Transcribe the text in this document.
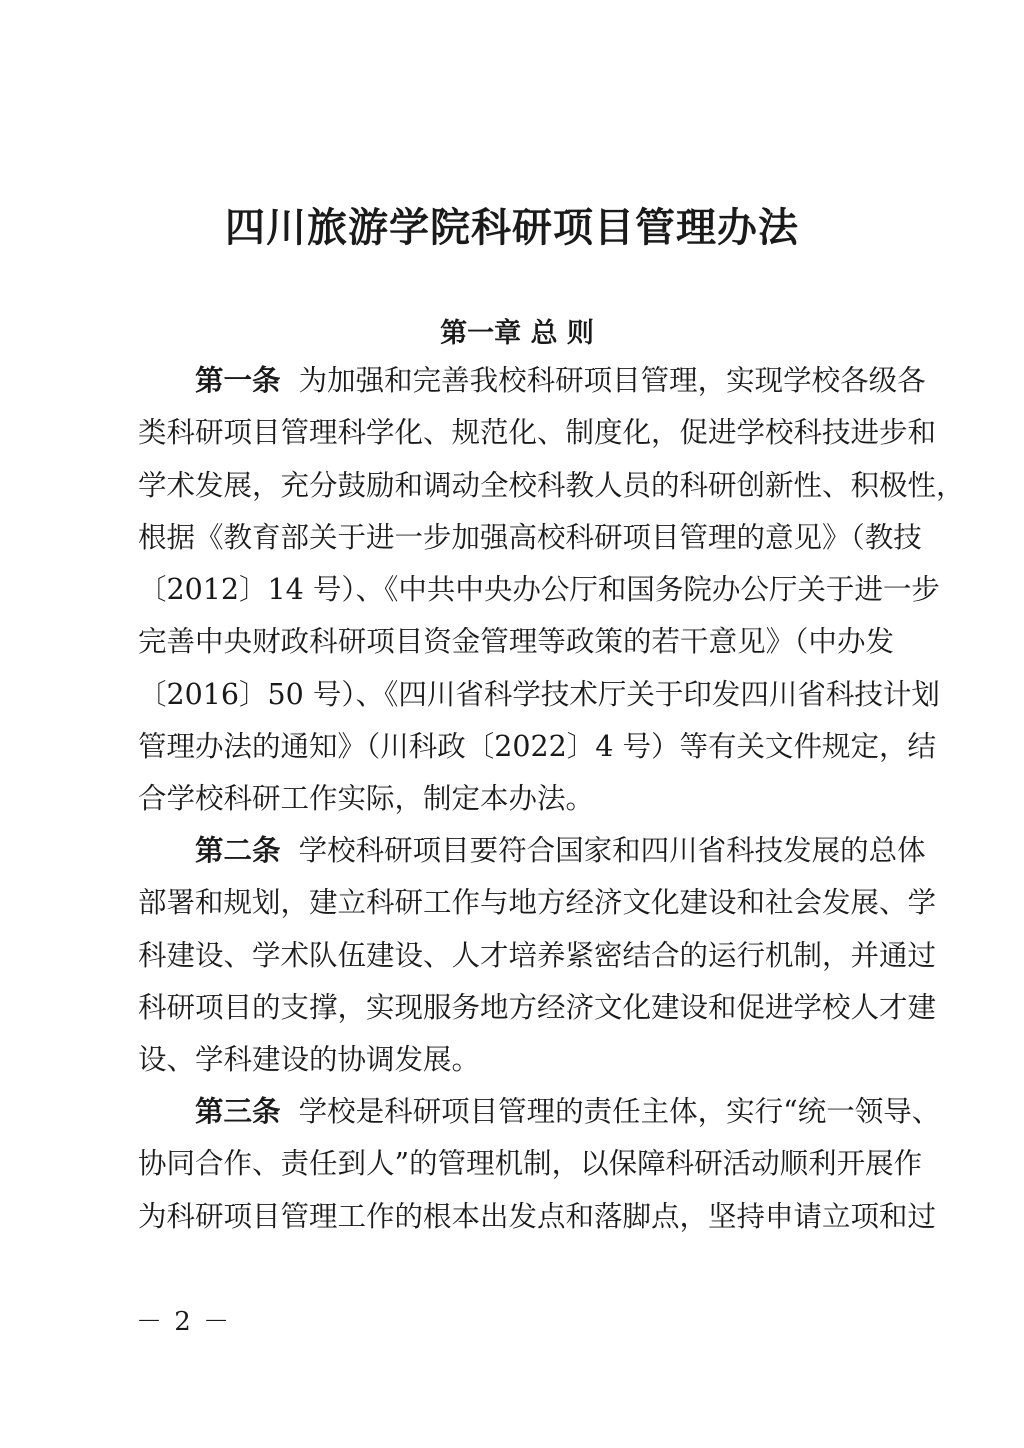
四川旅游学院科研项目管理办法
第一章 总 则
第一条 为加强和完善我校科研项目管理，实现学校各级各
类科研项目管理科学化、规范化、制度化，促进学校科技进步和
学术发展，充分鼓励和调动全校科教人员的科研创新性、积极性，
根据《教育部关于进一步加强高校科研项目管理的意见》（教技
〔2012〕14 号）、《中共中央办公厅和国务院办公厅关于进一步
完善中央财政科研项目资金管理等政策的若干意见》（中办发
〔2016〕50 号）、《四川省科学技术厅关于印发四川省科技计划
管理办法的通知》（川科政〔2022〕4 号）等有关文件规定，结
合学校科研工作实际，制定本办法。
第二条 学校科研项目要符合国家和四川省科技发展的总体
部署和规划，建立科研工作与地方经济文化建设和社会发展、学
科建设、学术队伍建设、人才培养紧密结合的运行机制，并通过
科研项目的支撑，实现服务地方经济文化建设和促进学校人才建
设、学科建设的协调发展。
第三条 学校是科研项目管理的责任主体，实行“统一领导、
协同合作、责任到人”的管理机制，以保障科研活动顺利开展作
为科研项目管理工作的根本出发点和落脚点，坚持申请立项和过
－ 2 －
